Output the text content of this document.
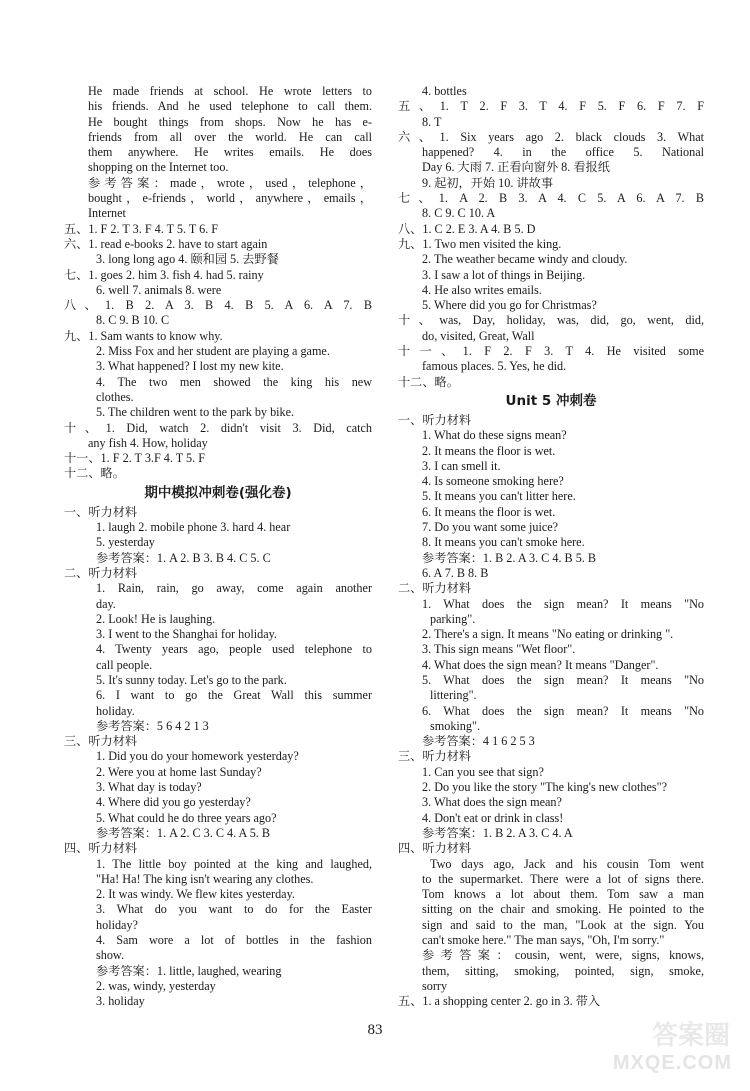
He made friends at school. He wrote letters to
his friends. And he used telephone to call them.
He bought things from shops. Now he has e-
friends from all over the world. He can call
them anywhere. He writes emails. He does
shopping on the Internet too.
参考答案：made，wrote，used，telephone，
bought，e-friends，world，anywhere，emails，
Internet
五、1. F 2. T 3. F 4. T 5. T 6. F
六、1. read e-books 2. have to start again
3. long long ago 4. 颐和园 5. 去野餐
七、1. goes 2. him 3. fish 4. had 5. rainy
6. well 7. animals 8. were
八、1. B 2. A 3. B 4. B 5. A 6. A 7. B
8. C 9. B 10. C
九、1. Sam wants to know why.
2. Miss Fox and her student are playing a game.
3. What happened? I lost my new kite.
4. The two men showed the king his new
clothes.
5. The children went to the park by bike.
十、1. Did, watch 2. didn't visit 3. Did, catch
any fish 4. How, holiday
十一、1. F 2. T 3.F 4. T 5. F
十二、略。
期中模拟冲刺卷(强化卷)
一、听力材料
1. laugh 2. mobile phone 3. hard 4. hear
5. yesterday
参考答案：1. A 2. B 3. B 4. C 5. C
二、听力材料
1. Rain, rain, go away, come again another
day.
2. Look! He is laughing.
3. I went to the Shanghai for holiday.
4. Twenty years ago, people used telephone to
call people.
5. It's sunny today. Let's go to the park.
6. I want to go the Great Wall this summer
holiday.
参考答案：5 6 4 2 1 3
三、听力材料
1. Did you do your homework yesterday?
2. Were you at home last Sunday?
3. What day is today?
4. Where did you go yesterday?
5. What could he do three years ago?
参考答案：1. A 2. C 3. C 4. A 5. B
四、听力材料
1. The little boy pointed at the king and laughed,
"Ha! Ha! The king isn't wearing any clothes.
2. It was windy. We flew kites yesterday.
3. What do you want to do for the Easter
holiday?
4. Sam wore a lot of bottles in the fashion
show.
参考答案：1. little, laughed, wearing
2. was, windy, yesterday
3. holiday
4. bottles
五、1. T 2. F 3. T 4. F 5. F 6. F 7. F
8. T
六、1. Six years ago 2. black clouds 3. What
happened? 4. in the office 5. National
Day 6. 大雨 7. 正看向窗外 8. 看报纸
9. 起初，开始 10. 讲故事
七、1. A 2. B 3. A 4. C 5. A 6. A 7. B
8. C 9. C 10. A
八、1. C 2. E 3. A 4. B 5. D
九、1. Two men visited the king.
2. The weather became windy and cloudy.
3. I saw a lot of things in Beijing.
4. He also writes emails.
5. Where did you go for Christmas?
十、was, Day, holiday, was, did, go, went, did,
do, visited, Great, Wall
十一、1. F 2. F 3. T 4. He visited some
famous places. 5. Yes, he did.
十二、略。
Unit 5 冲刺卷
一、听力材料
1. What do these signs mean?
2. It means the floor is wet.
3. I can smell it.
4. Is someone smoking here?
5. It means you can't litter here.
6. It means the floor is wet.
7. Do you want some juice?
8. It means you can't smoke here.
参考答案：1. B 2. A 3. C 4. B 5. B
6. A 7. B 8. B
二、听力材料
1. What does the sign mean? It means "No
parking".
2. There's a sign. It means "No eating or drinking ".
3. This sign means "Wet floor".
4. What does the sign mean? It means "Danger".
5. What does the sign mean? It means "No
littering".
6. What does the sign mean? It means "No
smoking".
参考答案：4 1 6 2 5 3
三、听力材料
1. Can you see that sign?
2. Do you like the story "The king's new clothes"?
3. What does the sign mean?
4. Don't eat or drink in class!
参考答案：1. B 2. A 3. C 4. A
四、听力材料
Two days ago, Jack and his cousin Tom went
to the supermarket. There were a lot of signs there.
Tom knows a lot about them. Tom saw a man
sitting on the chair and smoking. He pointed to the
sign and said to the man, "Look at the sign. You
can't smoke here." The man says, "Oh, I'm sorry."
参考答案：cousin, went, were, signs, knows,
them, sitting, smoking, pointed, sign, smoke,
sorry
五、1. a shopping center 2. go in 3. 带入
83	答案圈
MXQE.COM
